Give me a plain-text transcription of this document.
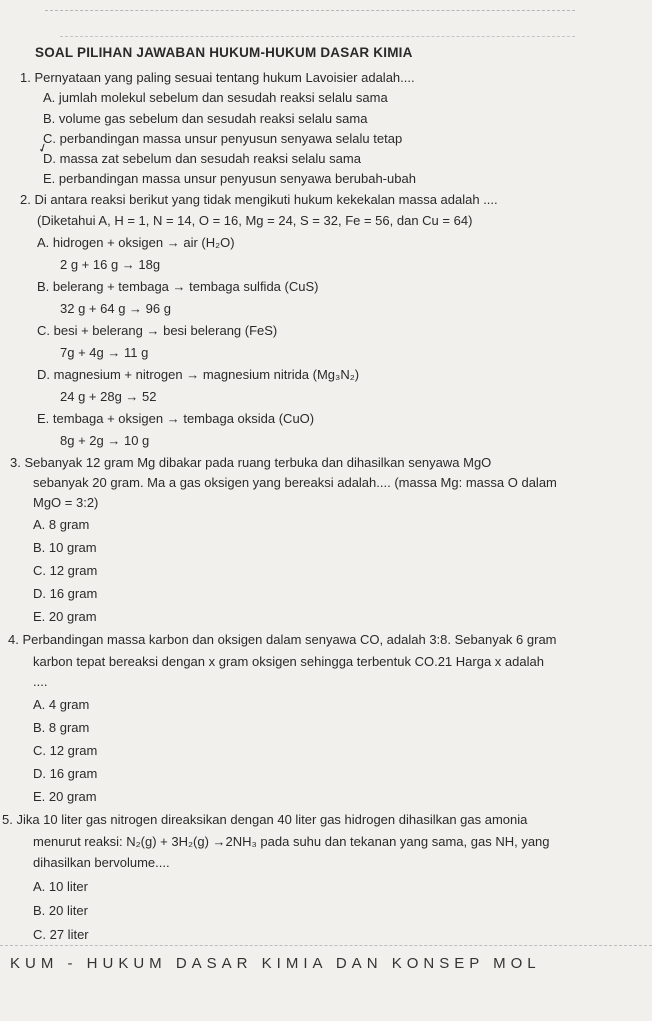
SOAL PILIHAN JAWABAN HUKUM-HUKUM DASAR KIMIA
1. Pernyataan yang paling sesuai tentang hukum Lavoisier adalah....
A. jumlah molekul sebelum dan sesudah reaksi selalu sama
B. volume gas sebelum dan sesudah reaksi selalu sama
C. perbandingan massa unsur penyusun senyawa selalu tetap
D. massa zat sebelum dan sesudah reaksi selalu sama
✓
E. perbandingan massa unsur penyusun senyawa berubah-ubah
2. Di antara reaksi berikut yang tidak mengikuti hukum kekekalan massa adalah ....
(Diketahui A, H = 1, N = 14, O = 16, Mg = 24, S = 32, Fe = 56, dan Cu = 64)
A. hidrogen + oksigen → air (H₂O)
2 g + 16 g → 18g
B. belerang + tembaga → tembaga sulfida (CuS)
32 g + 64 g → 96 g
C. besi + belerang → besi belerang (FeS)
7g + 4g → 11 g
D. magnesium + nitrogen → magnesium nitrida (Mg₃N₂)
24 g + 28g → 52
E. tembaga + oksigen → tembaga oksida (CuO)
8g + 2g → 10 g
3. Sebanyak 12 gram Mg dibakar pada ruang terbuka dan dihasilkan senyawa MgO
sebanyak 20 gram. Ma a gas oksigen yang bereaksi adalah.... (massa Mg: massa O dalam
MgO = 3:2)
A. 8 gram
B. 10 gram
C. 12 gram
D. 16 gram
E. 20 gram
4. Perbandingan massa karbon dan oksigen dalam senyawa CO, adalah 3:8. Sebanyak 6 gram
karbon tepat bereaksi dengan x gram oksigen sehingga terbentuk CO.21 Harga x adalah
....
A. 4 gram
B. 8 gram
C. 12 gram
D. 16 gram
E. 20 gram
5. Jika 10 liter gas nitrogen direaksikan dengan 40 liter gas hidrogen dihasilkan gas amonia
menurut reaksi: N₂(g) + 3H₂(g) →2NH₃ pada suhu dan tekanan yang sama, gas NH, yang
dihasilkan bervolume....
A. 10 liter
B. 20 liter
C. 27 liter
KUM - HUKUM DASAR KIMIA DAN KONSEP MOL
